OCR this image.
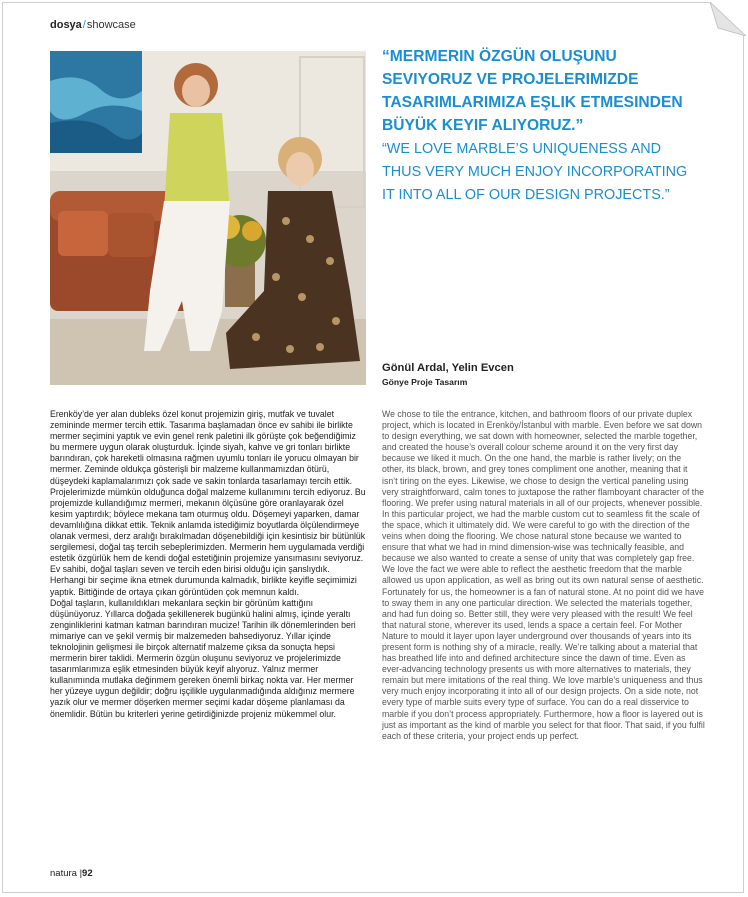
dosya/showcase
“MERMERIN ÖZGÜN OLUŞUNU SEVIYORUZ VE PROJELERIMIZDE TASARIMLARIMIZA EŞLIK ETMESINDEN BÜYÜK KEYIF ALIYORUZ.”
“WE LOVE MARBLE’S UNIQUENESS AND THUS VERY MUCH ENJOY INCORPORATING IT INTO ALL OF OUR DESIGN PROJECTS.”
Gönül Ardal, Yelin Evcen
Gönye Proje Tasarım

Erenköy’de yer alan dubleks özel konut projemizin giriş, mutfak ve tuvalet zemininde mermer tercih ettik. Tasarıma başlamadan önce ev sahibi ile birlikte mermer seçimini yaptık ve evin genel renk paletini ilk görüşte çok beğendiğimiz bu mermere uygun olarak oluşturduk. İçinde siyah, kahve ve gri tonları birlikte barındıran, çok hareketli olmasına rağmen uyumlu tonları ile yorucu olmayan bir mermer. Zeminde oldukça gösterişli bir malzeme kullanmamızdan ötürü, düşeydeki kaplamalarımızı çok sade ve sakin tonlarda tasarlamayı tercih ettik.

Projelerimizde mümkün olduğunca doğal malzeme kullanımını tercih ediyoruz. Bu projemizde kullandığımız mermeri, mekanın ölçüsüne göre oranlayarak özel kesim yaptırdık; böylece mekana tam oturmuş oldu. Döşemeyi yaparken, damar devamlılığına dikkat ettik. Teknik anlamda istediğimiz boyutlarda ölçülendirmeye olanak vermesi, derz aralığı bırakılmadan döşenebildiği için kesintisiz bir bütünlük sergilemesi, doğal taş tercih sebeplerimizden. Mermerin hem uygulamada verdiği estetik özgürlük hem de kendi doğal estetiğinin projemize yansımasını seviyoruz.

Ev sahibi, doğal taşları seven ve tercih eden birisi olduğu için şanslıydık. Herhangi bir seçime ikna etmek durumunda kalmadık, birlikte keyifle seçimimizi yaptık. Bittiğinde de ortaya çıkan görüntüden çok memnun kaldı.

Doğal taşların, kullanıldıkları mekanlara seçkin bir görünüm kattığını düşünüyoruz. Yıllarca doğada şekillenerek bugünkü halini almış, içinde yeraltı zenginliklerini katman katman barındıran mucize! Tarihin ilk dönemlerinden beri mimariye can ve şekil vermiş bir malzemeden bahsediyoruz. Yıllar içinde teknolojinin gelişmesi ile birçok alternatif malzeme çıksa da sonuçta hepsi mermerin birer taklidi. Mermerin özgün oluşunu seviyoruz ve projelerimizde tasarımlarımıza eşlik etmesinden büyük keyif alıyoruz. Yalnız mermer kullanımında mutlaka değinmem gereken önemli birkaç nokta var. Her mermer her yüzeye uygun değildir; doğru işçilikle uygulanmadığında aldığınız mermere yazık olur ve mermer döşerken mermer seçimi kadar döşeme planlaması da önemlidir. Bütün bu kriterleri yerine getirdiğinizde projeniz mükemmel olur.

We chose to tile the entrance, kitchen, and bathroom floors of our private duplex project, which is located in Erenköy/İstanbul with marble. Even before we sat down to design everything, we sat down with homeowner, selected the marble together, and created the house’s overall colour scheme around it on the very first day because we liked it much. On the one hand, the marble is rather lively; on the other, its black, brown, and grey tones compliment one another, meaning that it isn’t tiring on the eyes. Likewise, we chose to design the vertical paneling using very straightforward, calm tones to juxtapose the rather flamboyant character of the flooring. We prefer using natural materials in all of our projects, whenever possible. In this particular project, we had the marble custom cut to seamless fit the scale of the space, which it ultimately did. We were careful to go with the direction of the veins when doing the flooring. We chose natural stone because we wanted to ensure that what we had in mind dimension-wise was technically feasible, and because we also wanted to create a sense of unity that was completely gap free. We love the fact we were able to reflect the aesthetic freedom that the marble allowed us upon application, as well as bring out its own natural sense of aesthetic. Fortunately for us, the homeowner is a fan of natural stone. At no point did we have to sway them in any one particular direction. We selected the materials together, and had fun doing so. Better still, they were very pleased with the result! We feel that natural stone, wherever its used, lends a space a certain feel. For Mother Nature to mould it layer upon layer underground over thousands of years into its present form is nothing shy of a miracle, really. We’re talking about a material that has breathed life into and defined architecture since the dawn of time. Even as ever-advancing technology presents us with more alternatives to materials, they remain but mere imitations of the real thing. We love marble’s uniqueness and thus very much enjoy incorporating it into all of our design projects. On a side note, not every type of marble suits every type of surface. You can do a real disservice to marble if you don’t process appropriately. Furthermore, how a floor is layered out is just as important as the kind of marble you select for that floor. That said, if you fulfil each of these criteria, your project ends up perfect.

natura |92
